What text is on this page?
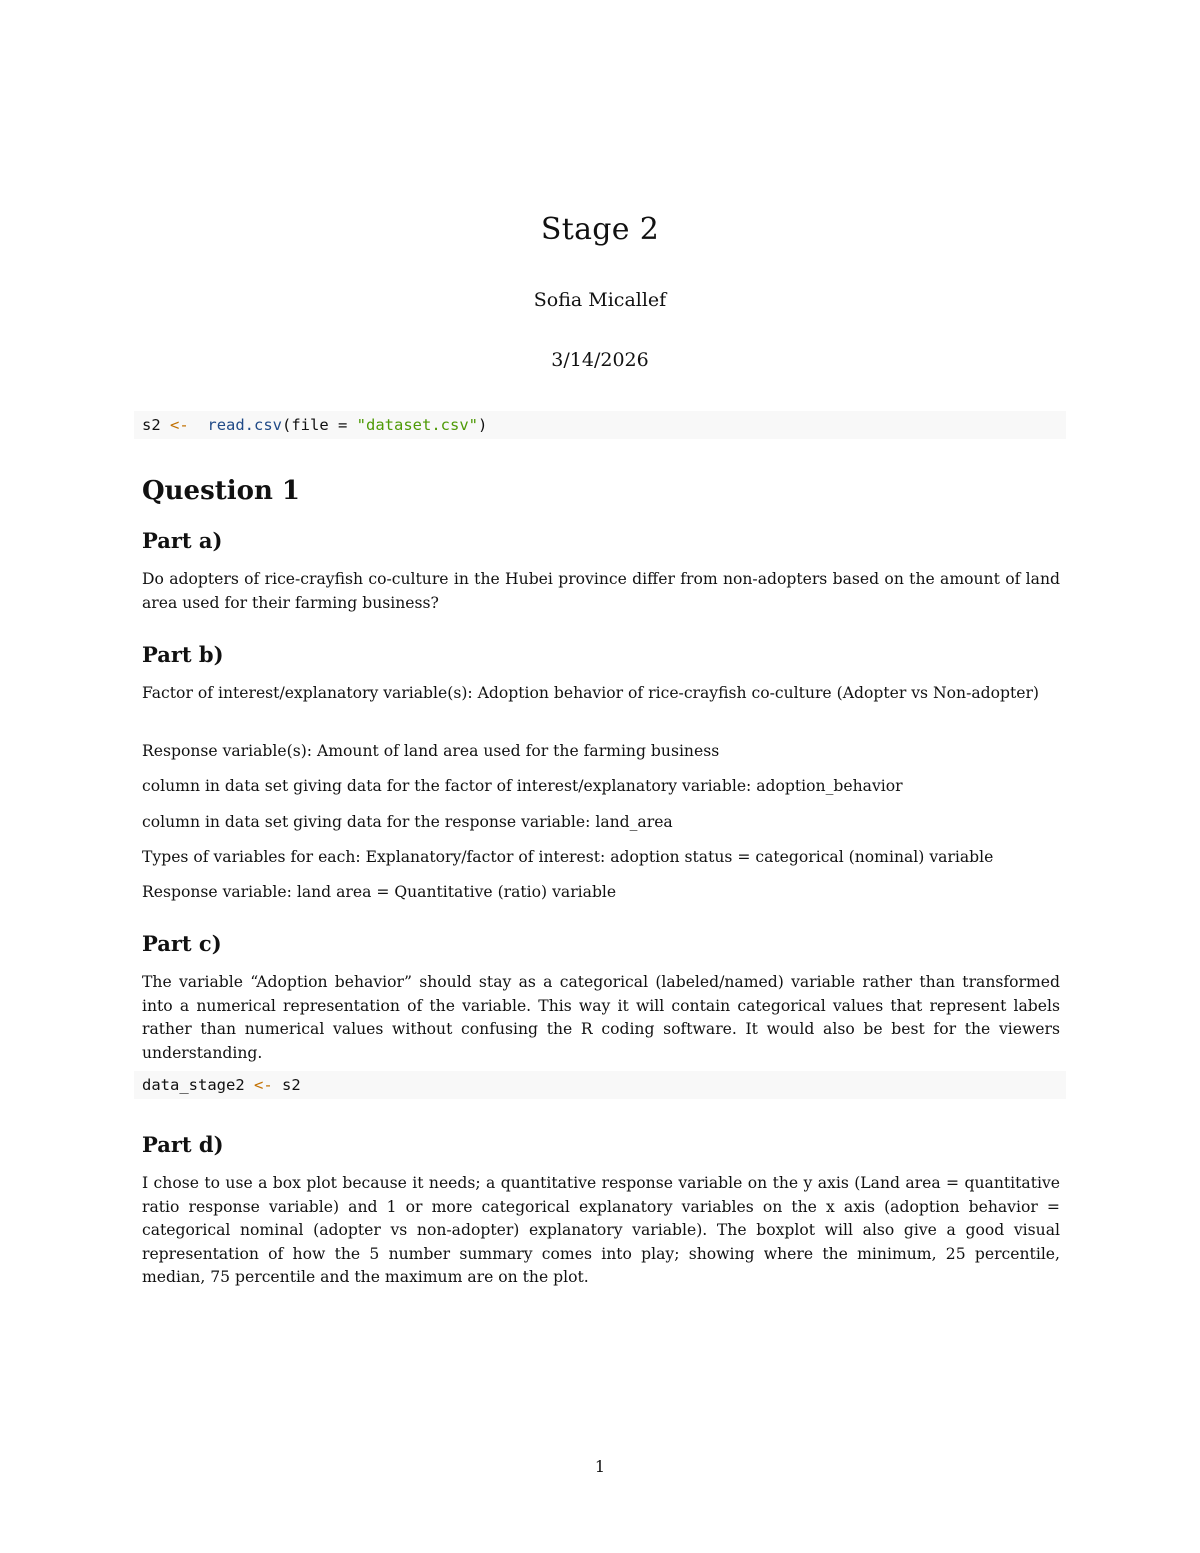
Stage 2

Sofia Micallef

3/14/2026

s2 <- read.csv(file = "dataset.csv")
Question 1
Part a)

Do adopters of rice-crayfish co-culture in the Hubei province differ from non-adopters based on the amount of land area used for their farming business?

Part b)

Factor of interest/explanatory variable(s): Adoption behavior of rice-crayfish co-culture (Adopter vs Non-adopter)

Response variable(s): Amount of land area used for the farming business

column in data set giving data for the factor of interest/explanatory variable: adoption_behavior

column in data set giving data for the response variable: land_area

Types of variables for each: Explanatory/factor of interest: adoption status = categorical (nominal) variable

Response variable: land area = Quantitative (ratio) variable

Part c)

The variable “Adoption behavior” should stay as a categorical (labeled/named) variable rather than transformed into a numerical representation of the variable. This way it will contain categorical values that represent labels rather than numerical values without confusing the R coding software. It would also be best for the viewers understanding.

data_stage2 <- s2
Part d)

I chose to use a box plot because it needs; a quantitative response variable on the y axis (Land area = quantitative ratio response variable) and 1 or more categorical explanatory variables on the x axis (adoption behavior = categorical nominal (adopter vs non-adopter) explanatory variable). The boxplot will also give a good visual representation of how the 5 number summary comes into play; showing where the minimum, 25 percentile, median, 75 percentile and the maximum are on the plot.

1
